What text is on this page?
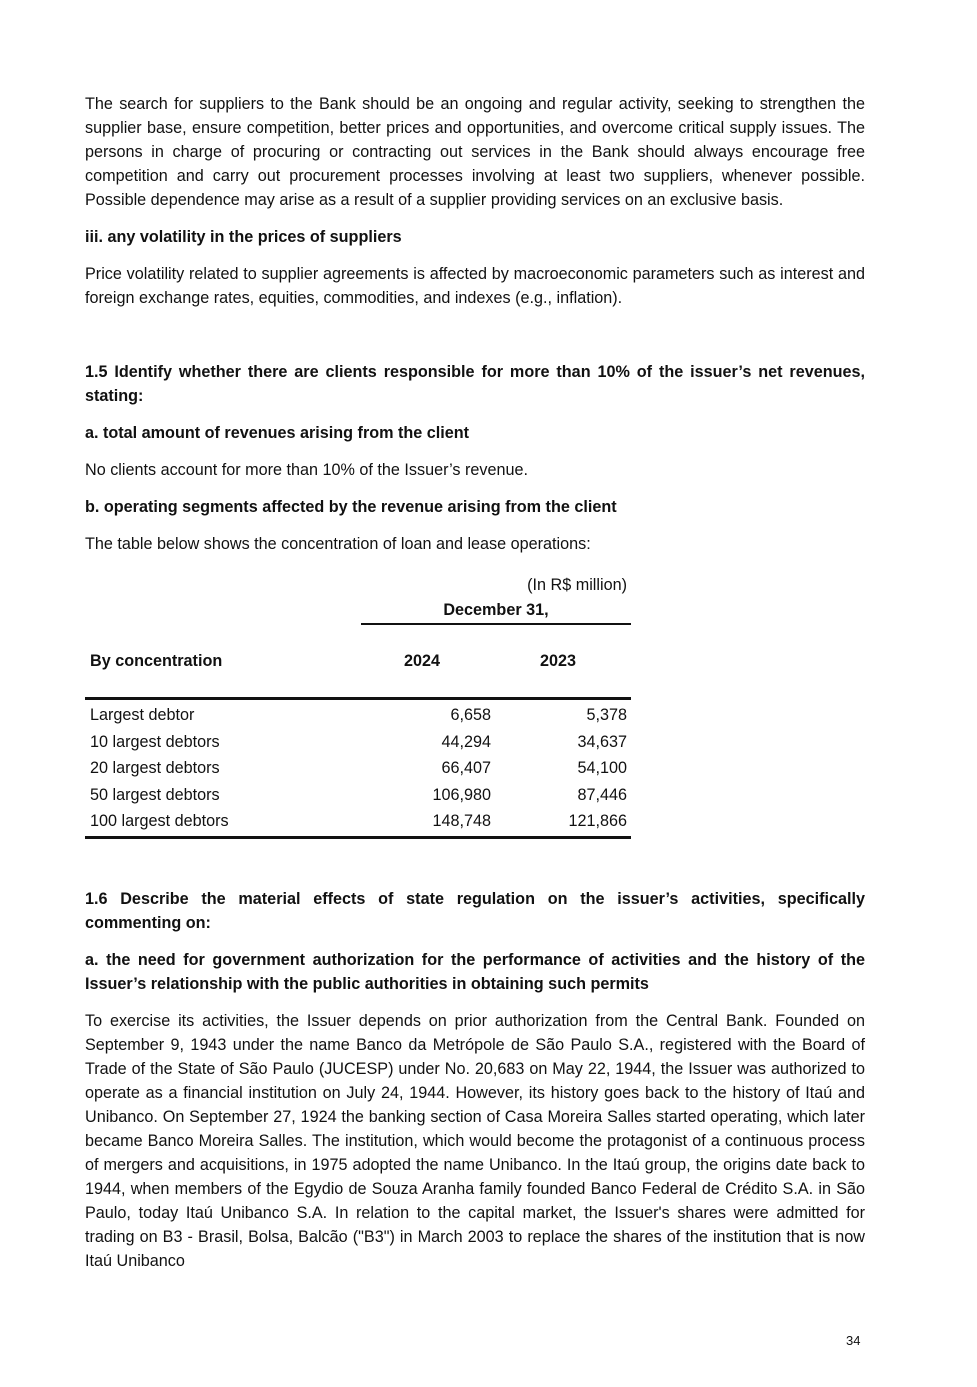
The search for suppliers to the Bank should be an ongoing and regular activity, seeking to strengthen the supplier base, ensure competition, better prices and opportunities, and overcome critical supply issues. The persons in charge of procuring or contracting out services in the Bank should always encourage free competition and carry out procurement processes involving at least two suppliers, whenever possible. Possible dependence may arise as a result of a supplier providing services on an exclusive basis.

iii. any volatility in the prices of suppliers

Price volatility related to supplier agreements is affected by macroeconomic parameters such as interest and foreign exchange rates, equities, commodities, and indexes (e.g., inflation).

1.5 Identify whether there are clients responsible for more than 10% of the issuer’s net revenues, stating:

a. total amount of revenues arising from the client

No clients account for more than 10% of the Issuer’s revenue.

b. operating segments affected by the revenue arising from the client

The table below shows the concentration of loan and lease operations:

(In R$ million)
December 31,
By concentration	2024	2023
Largest debtor	6,658	5,378
10 largest debtors	44,294	34,637
20 largest debtors	66,407	54,100
50 largest debtors	106,980	87,446
100 largest debtors	148,748	121,866

1.6 Describe the material effects of state regulation on the issuer’s activities, specifically commenting on:

a. the need for government authorization for the performance of activities and the history of the Issuer’s relationship with the public authorities in obtaining such permits

To exercise its activities, the Issuer depends on prior authorization from the Central Bank. Founded on September 9, 1943 under the name Banco da Metrópole de São Paulo S.A., registered with the Board of Trade of the State of São Paulo (JUCESP) under No. 20,683 on May 22, 1944, the Issuer was authorized to operate as a financial institution on July 24, 1944. However, its history goes back to the history of Itaú and Unibanco. On September 27, 1924 the banking section of Casa Moreira Salles started operating, which later became Banco Moreira Salles. The institution, which would become the protagonist of a continuous process of mergers and acquisitions, in 1975 adopted the name Unibanco. In the Itaú group, the origins date back to 1944, when members of the Egydio de Souza Aranha family founded Banco Federal de Crédito S.A. in São Paulo, today Itaú Unibanco S.A. In relation to the capital market, the Issuer's shares were admitted for trading on B3 - Brasil, Bolsa, Balcão ("B3") in March 2003 to replace the shares of the institution that is now Itaú Unibanco

34
